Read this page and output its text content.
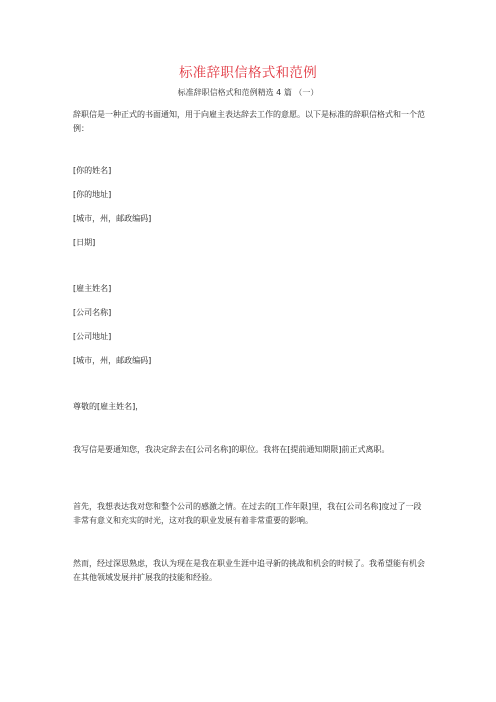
标准辞职信格式和范例
标准辞职信格式和范例精选 4 篇 （一）
辞职信是一种正式的书面通知，用于向雇主表达辞去工作的意愿。以下是标准的辞职信格式和一个范例：
[你的姓名]
[你的地址]
[城市，州，邮政编码]
[日期]
[雇主姓名]
[公司名称]
[公司地址]
[城市，州，邮政编码]
尊敬的[雇主姓名]，
我写信是要通知您，我决定辞去在[公司名称]的职位。我将在[提前通知期限]前正式离职。
首先，我想表达我对您和整个公司的感激之情。在过去的[工作年限]里，我在[公司名称]度过了一段非常有意义和充实的时光，这对我的职业发展有着非常重要的影响。
然而，经过深思熟虑，我认为现在是我在职业生涯中追寻新的挑战和机会的时候了。我希望能有机会在其他领域发展并扩展我的技能和经验。
